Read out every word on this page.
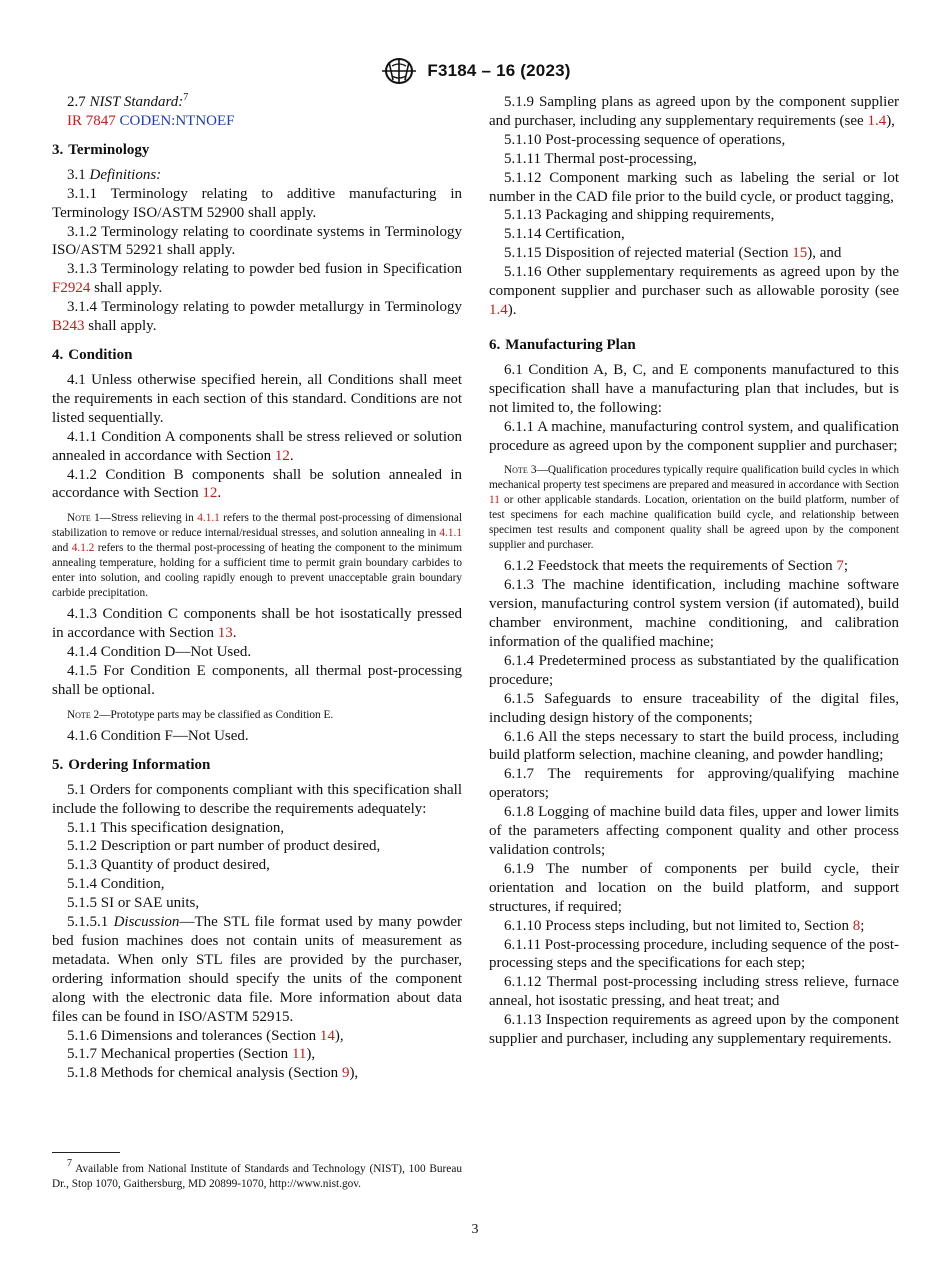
F3184 – 16 (2023)

2.7 NIST Standard:$^7$

IR 7847 CODEN:NTNOEF

3. Terminology

3.1 Definitions:

3.1.1 Terminology relating to additive manufacturing in Terminology ISO/ASTM 52900 shall apply.

3.1.2 Terminology relating to coordinate systems in Terminology ISO/ASTM 52921 shall apply.

3.1.3 Terminology relating to powder bed fusion in Specification F2924 shall apply.

3.1.4 Terminology relating to powder metallurgy in Terminology B243 shall apply.

4. Condition

4.1 Unless otherwise specified herein, all Conditions shall meet the requirements in each section of this standard. Conditions are not listed sequentially.

4.1.1 Condition A components shall be stress relieved or solution annealed in accordance with Section 12.

4.1.2 Condition B components shall be solution annealed in accordance with Section 12.

Note 1—Stress relieving in 4.1.1 refers to the thermal post-processing of dimensional stabilization to remove or reduce internal/residual stresses, and solution annealing in 4.1.1 and 4.1.2 refers to the thermal post-processing of heating the component to the minimum annealing temperature, holding for a sufficient time to permit grain boundary carbides to enter into solution, and cooling rapidly enough to prevent unacceptable grain boundary carbide precipitation.

4.1.3 Condition C components shall be hot isostatically pressed in accordance with Section 13.

4.1.4 Condition D—Not Used.

4.1.5 For Condition E components, all thermal post-processing shall be optional.

Note 2—Prototype parts may be classified as Condition E.

4.1.6 Condition F—Not Used.

5. Ordering Information

5.1 Orders for components compliant with this specification shall include the following to describe the requirements adequately:

5.1.1 This specification designation,

5.1.2 Description or part number of product desired,

5.1.3 Quantity of product desired,

5.1.4 Condition,

5.1.5 SI or SAE units,

5.1.5.1 Discussion—The STL file format used by many powder bed fusion machines does not contain units of measurement as metadata. When only STL files are provided by the purchaser, ordering information should specify the units of the component along with the electronic data file. More information about data files can be found in ISO/ASTM 52915.

5.1.6 Dimensions and tolerances (Section 14),

5.1.7 Mechanical properties (Section 11),

5.1.8 Methods for chemical analysis (Section 9),

$^7$ Available from National Institute of Standards and Technology (NIST), 100 Bureau Dr., Stop 1070, Gaithersburg, MD 20899-1070, http://www.nist.gov.

5.1.9 Sampling plans as agreed upon by the component supplier and purchaser, including any supplementary requirements (see 1.4),

5.1.10 Post-processing sequence of operations,

5.1.11 Thermal post-processing,

5.1.12 Component marking such as labeling the serial or lot number in the CAD file prior to the build cycle, or product tagging,

5.1.13 Packaging and shipping requirements,

5.1.14 Certification,

5.1.15 Disposition of rejected material (Section 15), and

5.1.16 Other supplementary requirements as agreed upon by the component supplier and purchaser such as allowable porosity (see 1.4).

6. Manufacturing Plan

6.1 Condition A, B, C, and E components manufactured to this specification shall have a manufacturing plan that includes, but is not limited to, the following:

6.1.1 A machine, manufacturing control system, and qualification procedure as agreed upon by the component supplier and purchaser;

Note 3—Qualification procedures typically require qualification build cycles in which mechanical property test specimens are prepared and measured in accordance with Section 11 or other applicable standards. Location, orientation on the build platform, number of test specimens for each machine qualification build cycle, and relationship between specimen test results and component quality shall be agreed upon by the component supplier and purchaser.

6.1.2 Feedstock that meets the requirements of Section 7;

6.1.3 The machine identification, including machine software version, manufacturing control system version (if automated), build chamber environment, machine conditioning, and calibration information of the qualified machine;

6.1.4 Predetermined process as substantiated by the qualification procedure;

6.1.5 Safeguards to ensure traceability of the digital files, including design history of the components;

6.1.6 All the steps necessary to start the build process, including build platform selection, machine cleaning, and powder handling;

6.1.7 The requirements for approving/qualifying machine operators;

6.1.8 Logging of machine build data files, upper and lower limits of the parameters affecting component quality and other process validation controls;

6.1.9 The number of components per build cycle, their orientation and location on the build platform, and support structures, if required;

6.1.10 Process steps including, but not limited to, Section 8;

6.1.11 Post-processing procedure, including sequence of the post-processing steps and the specifications for each step;

6.1.12 Thermal post-processing including stress relieve, furnace anneal, hot isostatic pressing, and heat treat; and

6.1.13 Inspection requirements as agreed upon by the component supplier and purchaser, including any supplementary requirements.

3
